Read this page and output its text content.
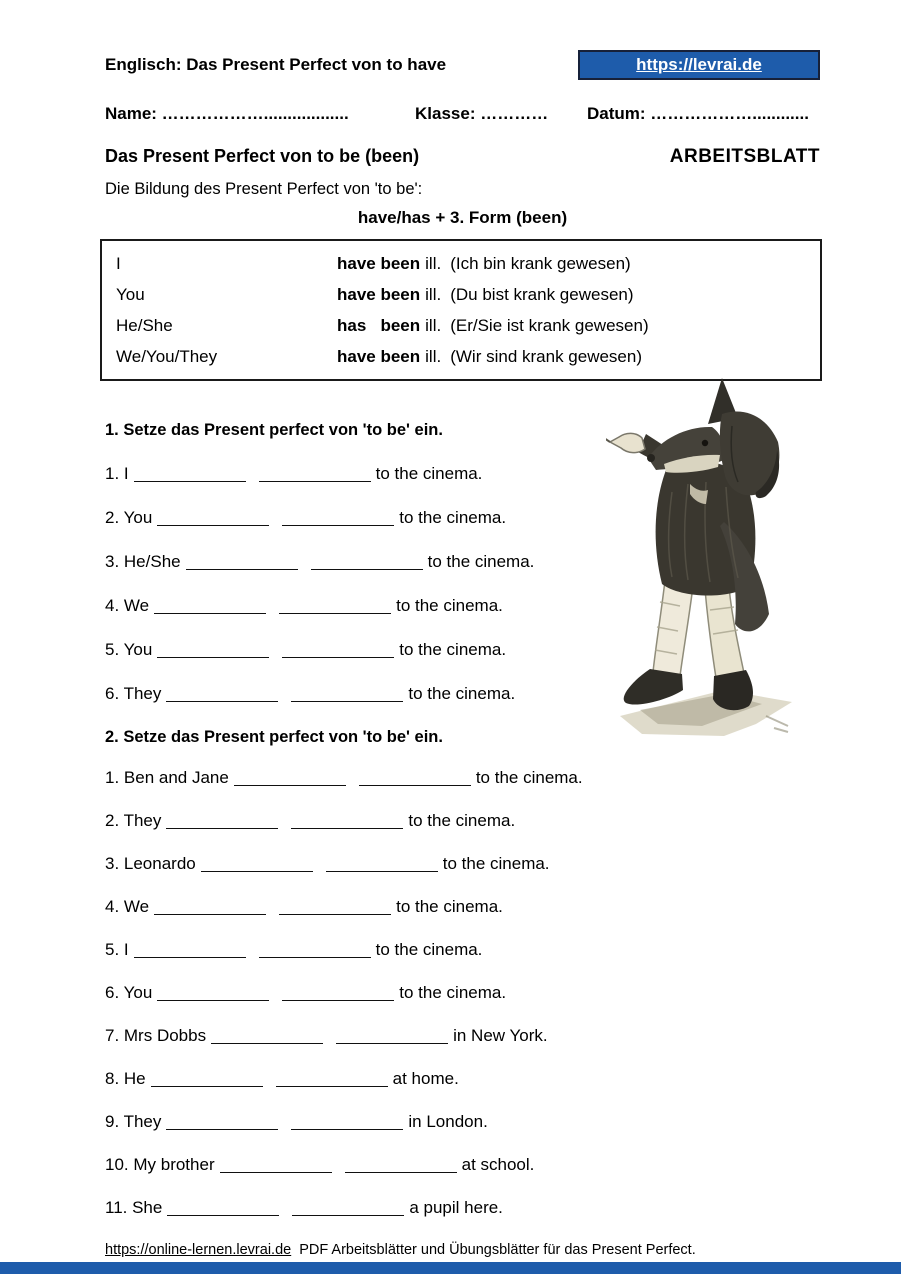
Englisch: Das Present Perfect von to have	https://levrai.de
Name: ………………..................	Klasse: …………	Datum: ………………............
Das Present Perfect von to be (been)	ARBEITSBLATT
Die Bildung des Present Perfect von 'to be':
have/has + 3. Form (been)
I	have been ill. (Ich bin krank gewesen)
You	have been ill. (Du bist krank gewesen)
He/She	has   been ill. (Er/Sie ist krank gewesen)
We/You/They	have been ill. (Wir sind krank gewesen)
1. Setze das Present perfect von 'to be' ein.
1. I	to the cinema.
2. You	to the cinema.
3. He/She	to the cinema.
4. We	to the cinema.
5. You	to the cinema.
6. They	to the cinema.
2. Setze das Present perfect von 'to be' ein.
1. Ben and Jane	to the cinema.
2. They	to the cinema.
3. Leonardo	to the cinema.
4. We	to the cinema.
5. I	to the cinema.
6. You	to the cinema.
7. Mrs Dobbs	in New York.
8. He	at home.
9. They	in London.
10. My brother	at school.
11. She	a pupil here.
https://online-lernen.levrai.de PDF Arbeitsblätter und Übungsblätter für das Present Perfect.
